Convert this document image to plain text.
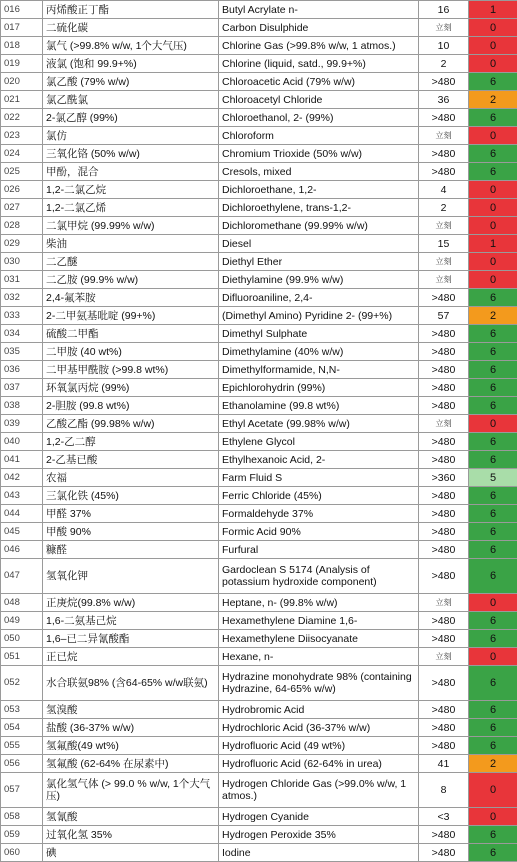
016	丙烯酸正丁酯	Butyl Acrylate n-	16	1
017	二硫化碳	Carbon Disulphide	立刻	0
018	氯气 (>99.8% w/w, 1个大气压)	Chlorine Gas (>99.8% w/w, 1 atmos.)	10	0
019	液氯 (饱和 99.9+%)	Chlorine (liquid, satd., 99.9+%)	2	0
020	氯乙酸 (79% w/w)	Chloroacetic Acid (79% w/w)	>480	6
021	氯乙酰氯	Chloroacetyl Chloride	36	2
022	2-氯乙醇 (99%)	Chloroethanol, 2- (99%)	>480	6
023	氯仿	Chloroform	立刻	0
024	三氧化铬 (50% w/w)	Chromium Trioxide (50% w/w)	>480	6
025	甲酚，混合	Cresols, mixed	>480	6
026	1,2-二氯乙烷	Dichloroethane, 1,2-	4	0
027	1,2-二氯乙烯	Dichloroethylene, trans-1,2-	2	0
028	二氯甲烷 (99.99% w/w)	Dichloromethane (99.99% w/w)	立刻	0
029	柴油	Diesel	15	1
030	二乙醚	Diethyl Ether	立刻	0
031	二乙胺 (99.9% w/w)	Diethylamine (99.9% w/w)	立刻	0
032	2,4-氟苯胺	Difluoroaniline, 2,4-	>480	6
033	2-二甲氨基吡啶 (99+%)	(Dimethyl Amino) Pyridine 2- (99+%)	57	2
034	硫酸二甲酯	Dimethyl Sulphate	>480	6
035	二甲胺 (40 wt%)	Dimethylamine (40% w/w)	>480	6
036	二甲基甲酰胺 (>99.8 wt%)	Dimethylformamide, N,N-	>480	6
037	环氧氯丙烷 (99%)	Epichlorohydrin (99%)	>480	6
038	2-胆胺 (99.8 wt%)	Ethanolamine (99.8 wt%)	>480	6
039	乙酸乙酯 (99.98% w/w)	Ethyl Acetate (99.98% w/w)	立刻	0
040	1,2-乙二醇	Ethylene Glycol	>480	6
041	2-乙基已酸	Ethylhexanoic Acid, 2-	>480	6
042	农福	Farm Fluid S	>360	5
043	三氯化铁 (45%)	Ferric Chloride (45%)	>480	6
044	甲醛 37%	Formaldehyde 37%	>480	6
045	甲酸 90%	Formic Acid 90%	>480	6
046	糠醛	Furfural	>480	6
047	氢氧化钾	Gardoclean S 5174 (Analysis of potassium hydroxide component)	>480	6
048	正庚烷(99.8% w/w)	Heptane, n- (99.8% w/w)	立刻	0
049	1,6-二氨基己烷	Hexamethylene Diamine 1,6-	>480	6
050	1,6–已二异氰酸酯	Hexamethylene Diisocyanate	>480	6
051	正已烷	Hexane, n-	立刻	0
052	水合联氨98% (含64-65% w/w联氨)	Hydrazine monohydrate 98% (containing Hydrazine, 64-65% w/w)	>480	6
053	氢溴酸	Hydrobromic Acid	>480	6
054	盐酸 (36-37% w/w)	Hydrochloric Acid (36-37% w/w)	>480	6
055	氢氟酸(49 wt%)	Hydrofluoric Acid (49 wt%)	>480	6
056	氢氟酸 (62-64% 在尿素中)	Hydrofluoric Acid (62-64% in urea)	41	2
057	氯化氢气体 (> 99.0 % w/w, 1个大气压)	Hydrogen Chloride Gas (>99.0% w/w, 1 atmos.)	8	0
058	氢氰酸	Hydrogen Cyanide	<3	0
059	过氧化氢 35%	Hydrogen Peroxide 35%	>480	6
060	碘	Iodine	>480	6
